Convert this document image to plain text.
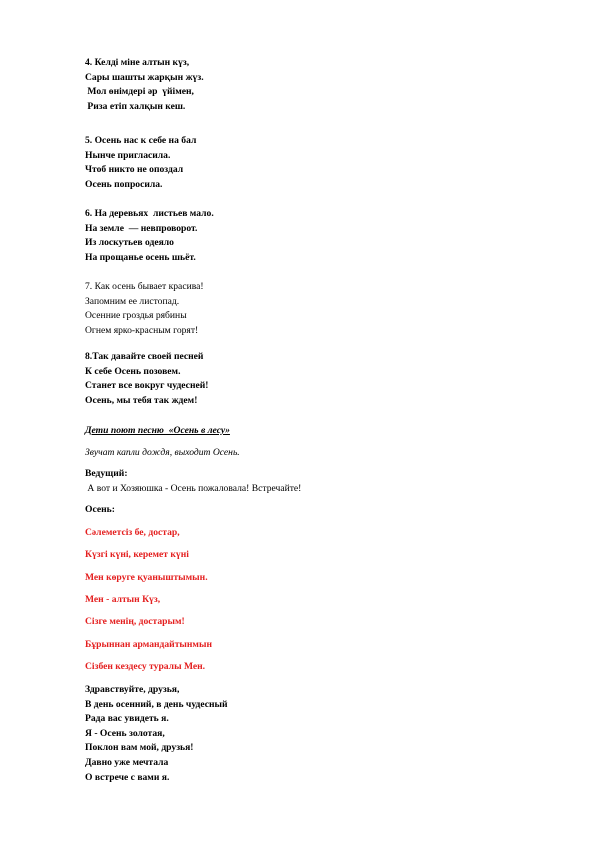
4. Келді міне алтын күз,
Сары шашты жарқын жүз.
Мол өнімдері әр  үйімен,
Риза етіп халқын кеш.
5. Осень нас к себе на бал
Нынче пригласила.
Чтоб никто не опоздал
Осень попросила.
6. На деревьях  листьев мало.
На земле  — невпроворот.
Из лоскутьев одеяло
На прощанье осень шьёт.
7. Как осень бывает красива!
Запомним ее листопад.
Осенние гроздья рябины
Огнем ярко-красным горят!
8.Так давайте своей песней
К себе Осень позовем.
Станет все вокруг чудесней!
Осень, мы тебя так ждем!
Дети поют песню  «Осень в лесу»
Звучат капли дождя, выходит Осень.
Ведущий:
А вот и Хозяюшка - Осень пожаловала! Встречайте!
Осень:
Сәлеметсіз бе, достар,
Күзгі күні, керемет күні
Мен көруге қуаныштымын.
Мен - алтын Күз,
Сізге менің, достарым!
Бұрыннан армандайтынмын
Сізбен кездесу туралы Мен.
Здравствуйте, друзья,
В день осенний, в день чудесный
Рада вас увидеть я.
Я - Осень золотая,
Поклон вам мой, друзья!
Давно уже мечтала
О встрече с вами я.
